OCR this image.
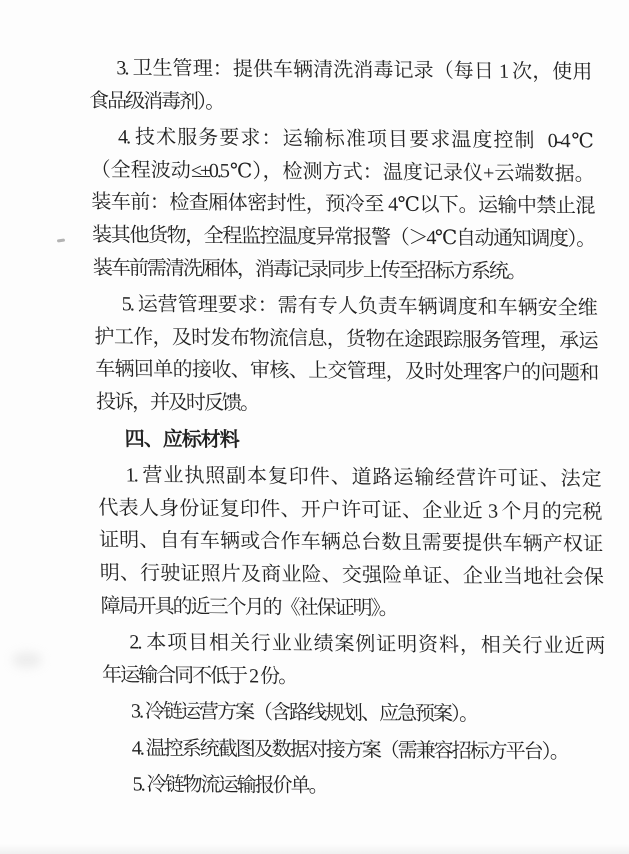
3. 卫生管理：提供车辆清洗消毒记录（每日 1 次，使用
食品级消毒剂）。
4. 技术服务要求：运输标准项目要求温度控制  0-4℃
（全程波动≤±0.5℃），检测方式：温度记录仪+云端数据。
装车前：检查厢体密封性，预冷至 4℃以下。运输中禁止混
装其他货物，全程监控温度异常报警（＞4℃自动通知调度）。
装车前需清洗厢体，消毒记录同步上传至招标方系统。
5. 运营管理要求：需有专人负责车辆调度和车辆安全维
护工作，及时发布物流信息，货物在途跟踪服务管理，承运
车辆回单的接收、审核、上交管理，及时处理客户的问题和
投诉，并及时反馈。
四、应标材料
1. 营业执照副本复印件、道路运输经营许可证、法定
代表人身份证复印件、开户许可证、企业近 3 个月的完税
证明、自有车辆或合作车辆总台数且需要提供车辆产权证
明、行驶证照片及商业险、交强险单证、企业当地社会保
障局开具的近三个月的《社保证明》。
2. 本项目相关行业业绩案例证明资料，相关行业近两
年运输合同不低于 2 份。
3. 冷链运营方案（含路线规划、应急预案）。
4. 温控系统截图及数据对接方案（需兼容招标方平台）。
5. 冷链物流运输报价单。
